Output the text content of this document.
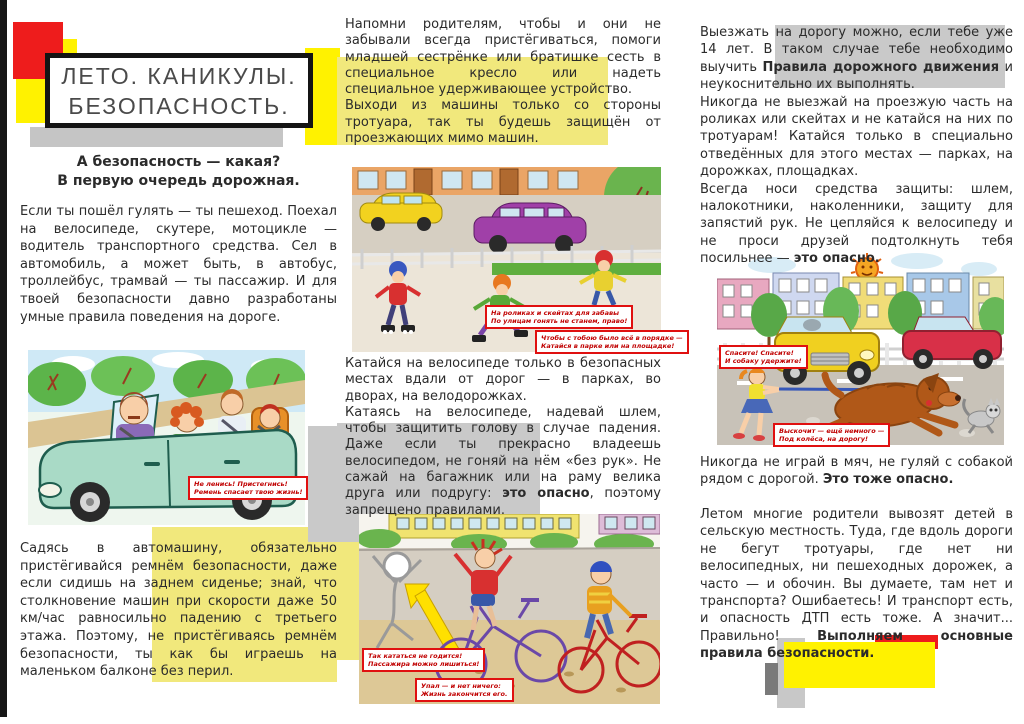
ЛЕТО. КАНИКУЛЫ.
БЕЗОПАСНОСТЬ.
А безопасность — какая?
В первую очередь дорожная.
Если ты пошёл гулять — ты пешеход. Поехал на велосипеде, скутере, мотоцикле — водитель транспортного средства. Сел в автомобиль, а может быть, в автобус, троллейбус, трамвай — ты пассажир. И для твоей безопасности давно разработаны умные правила поведения на дороге.
Не ленись! Пристегнись!
Ремень спасает твою жизнь!
Садясь в автомашину, обязательно пристёгивайся ремнём безопасности, даже если сидишь на заднем сиденье; знай, что столкновение машин при скорости даже 50 км/час равносильно падению с третьего этажа. Поэтому, не пристёгиваясь ремнём безопасности, ты как бы играешь на маленьком балконе без перил.

Напомни родителям, чтобы и они не забывали всегда пристёгиваться, помоги младшей сестрёнке или братишке сесть в специальное кресло или надеть специальное удерживающее устройство.

Выходи из машины только со стороны тротуара, так ты будешь защищён от проезжающих мимо машин.

На роликах и скейтах для забавы
По улицам гонять не станем, право!
Чтобы с тобою было всё в порядке —
Катайся в парке или на площадке!

Катайся на велосипеде только в безопасных местах вдали от дорог — в парках, во дворах, на велодорожках.

Катаясь на велосипеде, надевай шлем, чтобы защитить голову в случае падения. Даже если ты прекрасно владеешь велосипедом, не гоняй на нём «без рук». Не сажай на багажник или на раму велика друга или подругу: это опасно, поэтому запрещено правилами.

Так кататься не годится!
Пассажира можно лишиться!
Упал — и нет ничего:
Жизнь закончится его.

Выезжать на дорогу можно, если тебе уже 14 лет. В таком случае тебе необходимо выучить Правила дорожного движения и неукоснительно их выполнять.

Никогда не выезжай на проезжую часть на роликах или скейтах и не катайся на них по тротуарам! Катайся только в специально отведённых для этого местах — парках, на дорожках, площадках.

Всегда носи средства защиты: шлем, налокотники, наколенники, защиту для запястий рук. Не цепляйся к велосипеду и не проси друзей подтолкнуть тебя посильнее — это опасно.

Спасите! Спасите!
И собаку удержите!
Выскочит — ещё немного —
Под колёса, на дорогу!

Никогда не играй в мяч, не гуляй с собакой рядом с дорогой. Это тоже опасно.

Летом многие родители вывозят детей в сельскую местность. Туда, где вдоль дороги не бегут тротуары, где нет ни велосипедных, ни пешеходных дорожек, а часто — и обочин. Вы думаете, там нет и транспорта? Ошибаетесь! И транспорт есть, и опасность ДТП есть тоже. А значит... Правильно! Выполняем основные правила безопасности.
